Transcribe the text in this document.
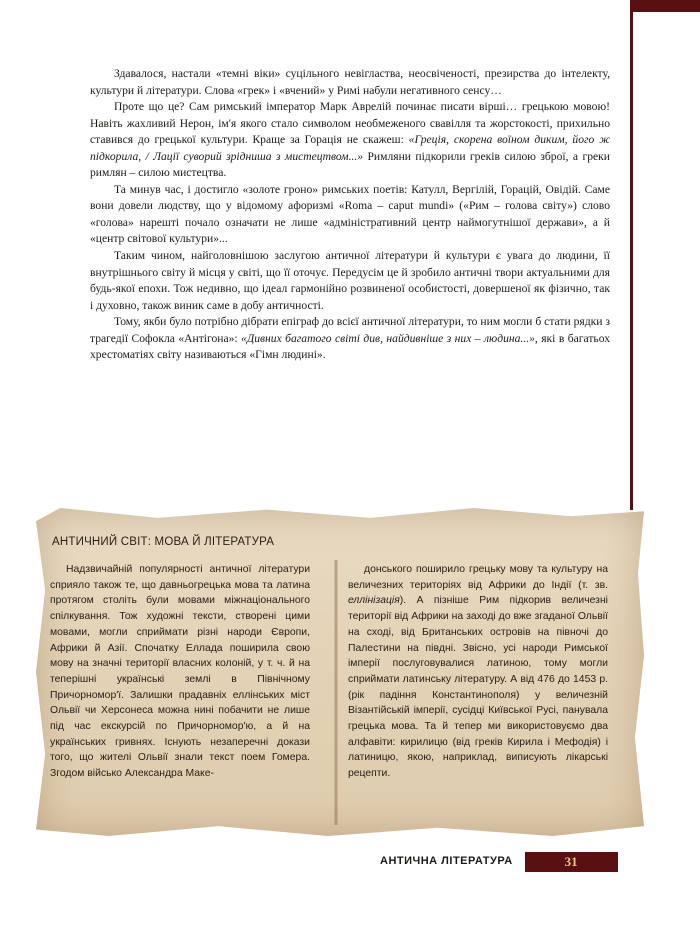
Здавалося, настали «темні віки» суцільного невігластва, неосвіченості, презирства до інтелекту, культури й літератури. Слова «грек» і «вчений» у Римі набули негативного сенсу…

Проте що це? Сам римський імператор Марк Аврелій починає писати вірші… грецькою мовою! Навіть жахливий Нерон, ім'я якого стало символом необмеженого свавілля та жорстокості, прихильно ставився до грецької культури. Краще за Горація не скажеш: «Греція, скорена воїном диким, його ж підкорила, / Лації суворий зрідниша з мистецтвом...» Римляни підкорили греків силою зброї, а греки римлян – силою мистецтва.

Та минув час, і достигло «золоте гроно» римських поетів: Катулл, Вергілій, Горацій, Овідій. Саме вони довели людству, що у відомому афоризмі «Roma – caput mundi» («Рим – голова світу») слово «голова» нарешті почало означати не лише «адміністративний центр наймогутнішої держави», а й «центр світової культури»...

Таким чином, найголовнішою заслугою античної літератури й культури є увага до людини, її внутрішнього світу й місця у світі, що її оточує. Передусім це й зробило античні твори актуальними для будь-якої епохи. Тож недивно, що ідеал гармонійно розвиненої особистості, довершеної як фізично, так і духовно, також виник саме в добу античності.

Тому, якби було потрібно дібрати епіграф до всієї античної літератури, то ним могли б стати рядки з трагедії Софокла «Антігона»: «Дивних багатого світі див, найдивніше з них – людина...», які в багатьох хрестоматіях світу називаються «Гімн людині».

АНТИЧНИЙ СВІТ: МОВА Й ЛІТЕРАТУРА

Надзвичайній популярності античної літератури сприяло також те, що давньогрецька мова та латина протягом століть були мовами міжнаціонального спілкування. Тож художні тексти, створені цими мовами, могли сприймати різні народи Європи, Африки й Азії. Спочатку Еллада поширила свою мову на значні території власних колоній, у т. ч. й на теперішні українські землі в Північному Причорномор'ї. Залишки прадавніх еллінських міст Ольвії чи Херсонеса можна нині побачити не лише під час екскурсій по Причорномор'ю, а й на українських гривнях. Існують незаперечні докази того, що жителі Ольвії знали текст поем Гомера. Згодом військо Александра Маке-

донського поширило грецьку мову та культуру на величезних територіях від Африки до Індії (т. зв. еллінізація). А пізніше Рим підкорив величезні території від Африки на заході до вже згаданої Ольвії на сході, від Британських островів на півночі до Палестини на півдні. Звісно, усі народи Римської імперії послуговувалися латиною, тому могли сприймати латинську літературу. А від 476 до 1453 р. (рік падіння Константинополя) у величезній Візантійській імперії, сусідці Київської Русі, панувала грецька мова. Та й тепер ми використовуємо два алфавіти: кирилицю (від греків Кирила і Мефодія) і латиницю, якою, наприклад, виписують лікарські рецепти.

АНТИЧНА ЛІТЕРАТУРА	31
